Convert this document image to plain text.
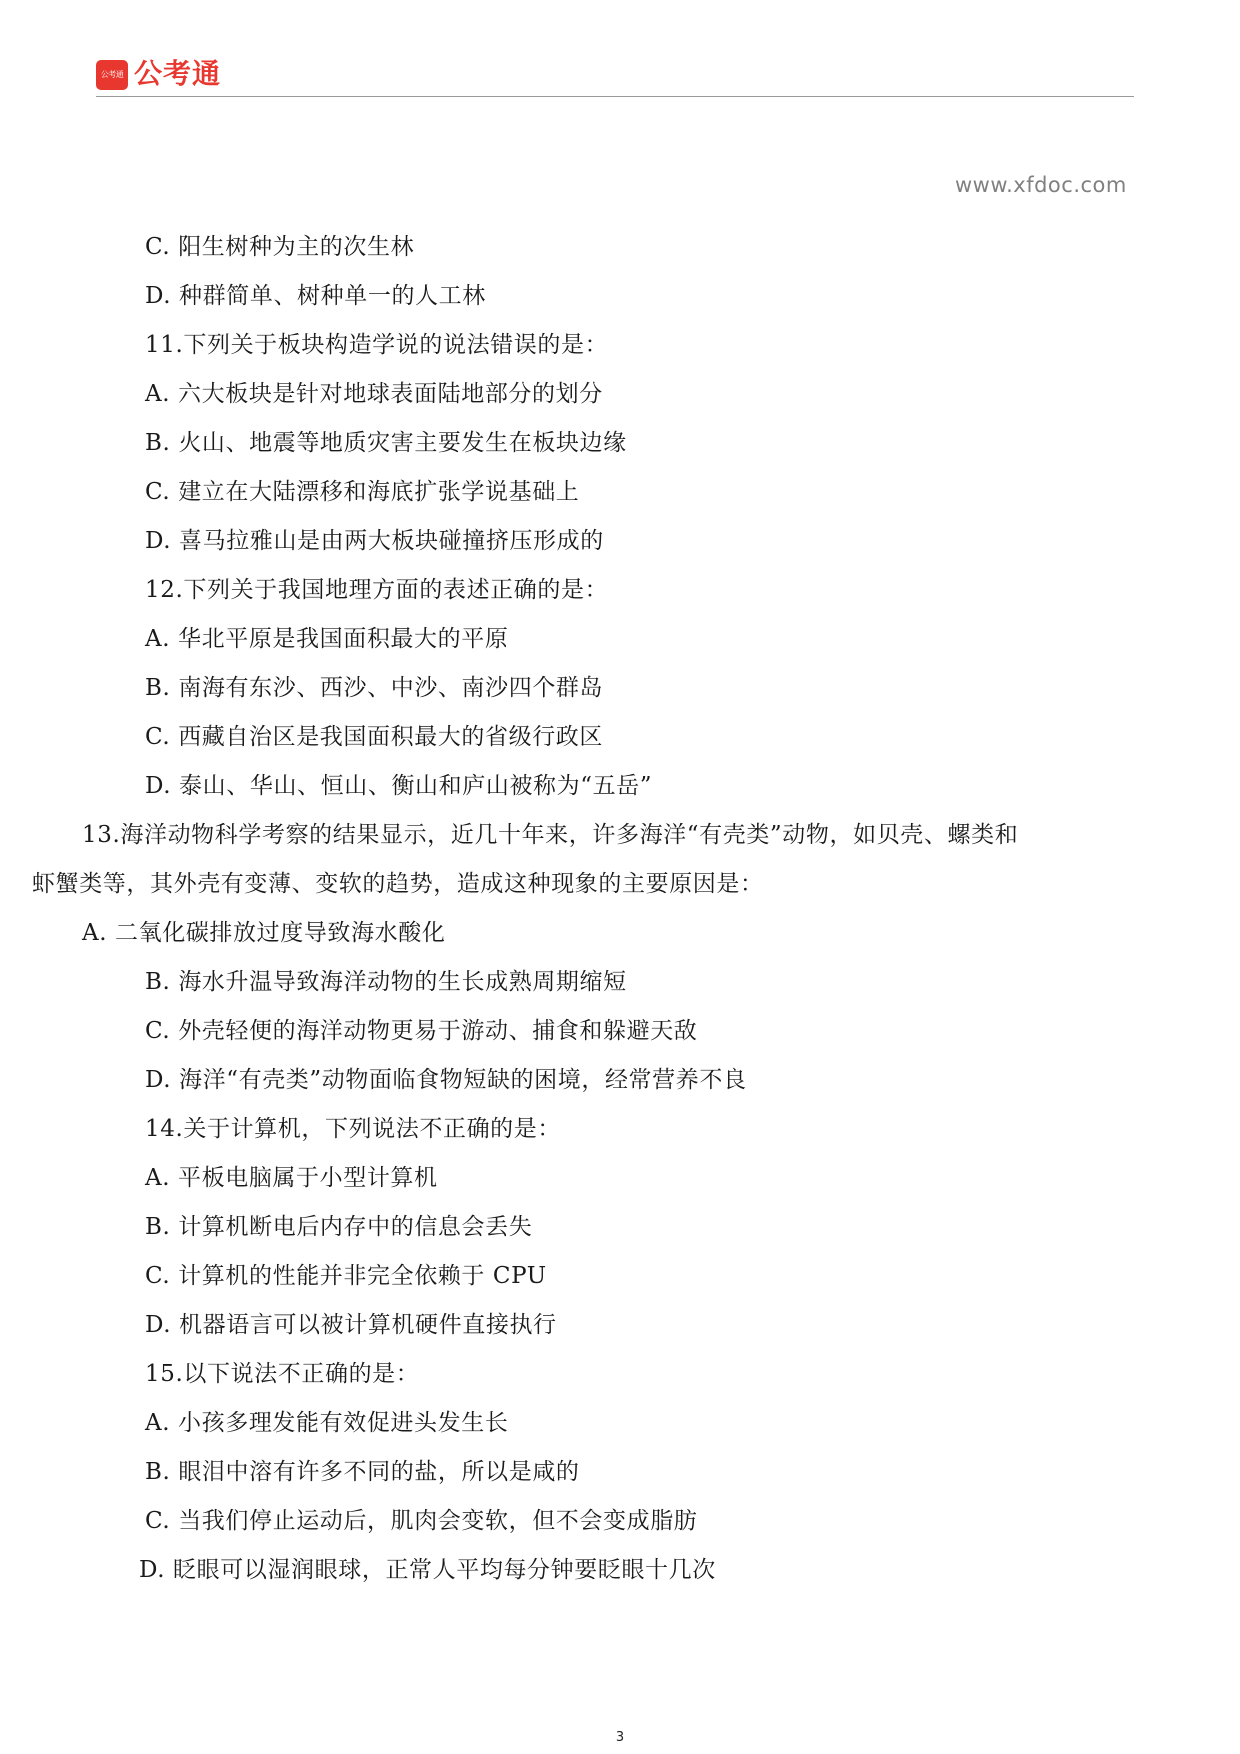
公考通 公考通
www.xfdoc.com
C. 阳生树种为主的次生林
D. 种群简单、树种单一的人工林
11.下列关于板块构造学说的说法错误的是：
A. 六大板块是针对地球表面陆地部分的划分
B. 火山、地震等地质灾害主要发生在板块边缘
C. 建立在大陆漂移和海底扩张学说基础上
D. 喜马拉雅山是由两大板块碰撞挤压形成的
12.下列关于我国地理方面的表述正确的是：
A. 华北平原是我国面积最大的平原
B. 南海有东沙、西沙、中沙、南沙四个群岛
C. 西藏自治区是我国面积最大的省级行政区
D. 泰山、华山、恒山、衡山和庐山被称为“五岳”
13.海洋动物科学考察的结果显示，近几十年来，许多海洋“有壳类”动物，如贝壳、螺类和
虾蟹类等，其外壳有变薄、变软的趋势，造成这种现象的主要原因是：
A. 二氧化碳排放过度导致海水酸化
B. 海水升温导致海洋动物的生长成熟周期缩短
C. 外壳轻便的海洋动物更易于游动、捕食和躲避天敌
D. 海洋“有壳类”动物面临食物短缺的困境，经常营养不良
14.关于计算机，下列说法不正确的是：
A. 平板电脑属于小型计算机
B. 计算机断电后内存中的信息会丢失
C. 计算机的性能并非完全依赖于 CPU
D. 机器语言可以被计算机硬件直接执行
15.以下说法不正确的是：
A. 小孩多理发能有效促进头发生长
B. 眼泪中溶有许多不同的盐，所以是咸的
C. 当我们停止运动后，肌肉会变软，但不会变成脂肪
D. 眨眼可以湿润眼球，正常人平均每分钟要眨眼十几次
3
